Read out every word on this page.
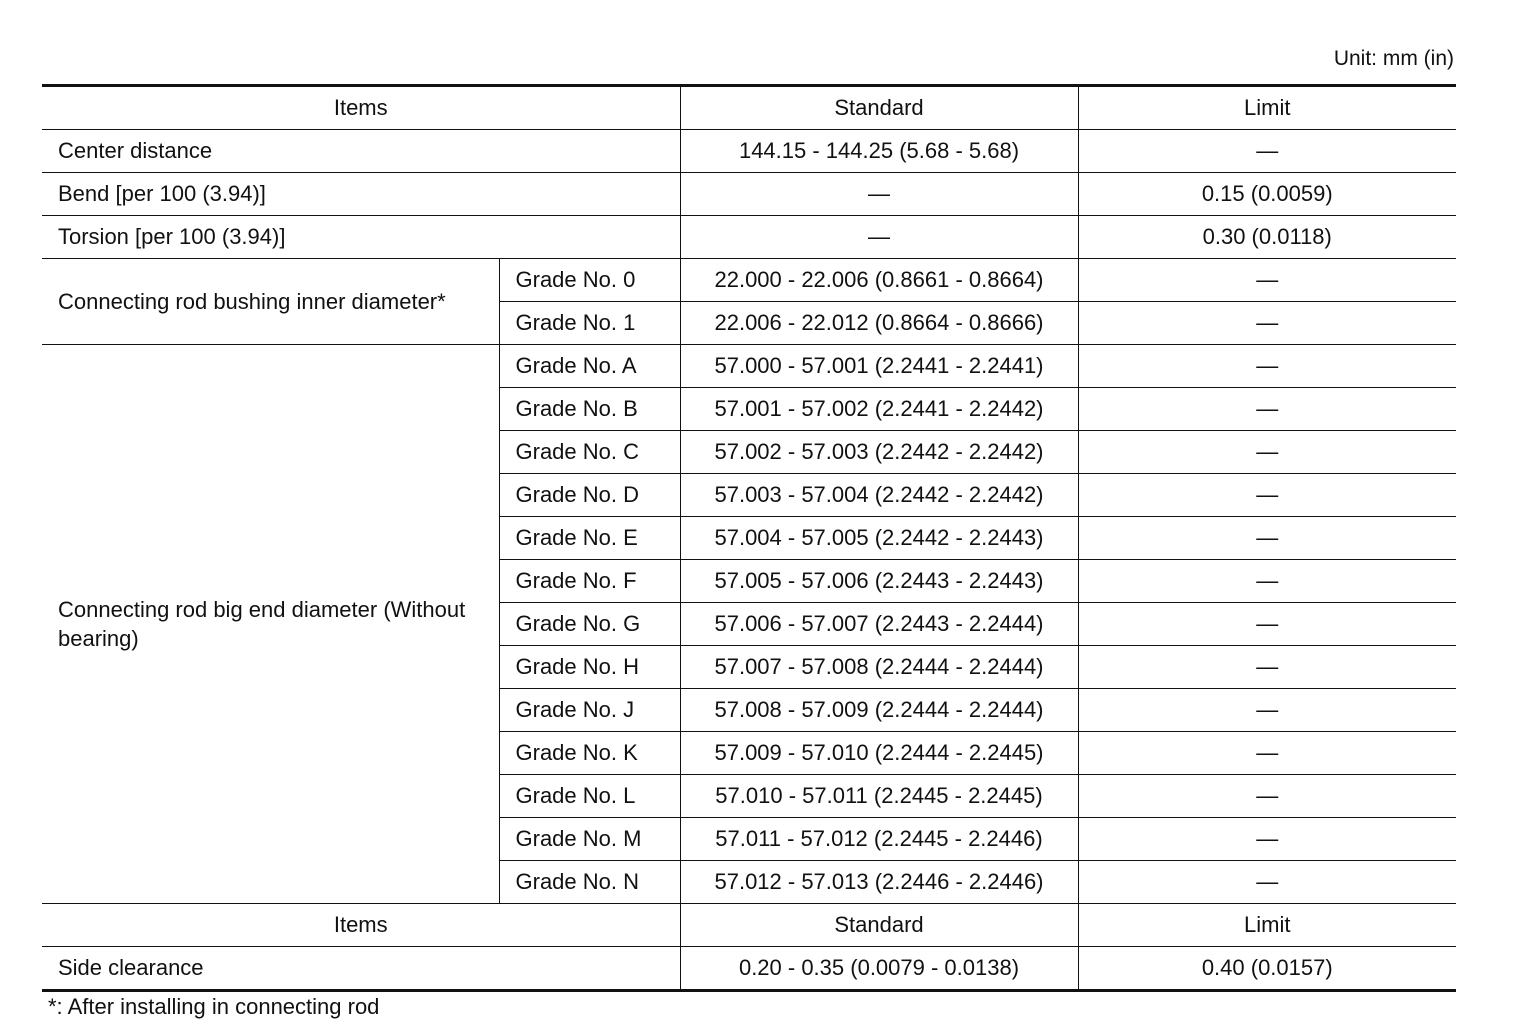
Unit: mm (in)
Items		Standard	Limit
Center distance		144.15 - 144.25 (5.68 - 5.68)	—
Bend [per 100 (3.94)]		—	0.15 (0.0059)
Torsion [per 100 (3.94)]		—	0.30 (0.0118)
Connecting rod bushing inner diameter*	Grade No. 0	22.000 - 22.006 (0.8661 - 0.8664)	—
	Grade No. 1	22.006 - 22.012 (0.8664 - 0.8666)	—
Connecting rod big end diameter (Without bearing)	Grade No. A	57.000 - 57.001 (2.2441 - 2.2441)	—
	Grade No. B	57.001 - 57.002 (2.2441 - 2.2442)	—
	Grade No. C	57.002 - 57.003 (2.2442 - 2.2442)	—
	Grade No. D	57.003 - 57.004 (2.2442 - 2.2442)	—
	Grade No. E	57.004 - 57.005 (2.2442 - 2.2443)	—
	Grade No. F	57.005 - 57.006 (2.2443 - 2.2443)	—
	Grade No. G	57.006 - 57.007 (2.2443 - 2.2444)	—
	Grade No. H	57.007 - 57.008 (2.2444 - 2.2444)	—
	Grade No. J	57.008 - 57.009 (2.2444 - 2.2444)	—
	Grade No. K	57.009 - 57.010 (2.2444 - 2.2445)	—
	Grade No. L	57.010 - 57.011 (2.2445 - 2.2445)	—
	Grade No. M	57.011 - 57.012 (2.2445 - 2.2446)	—
	Grade No. N	57.012 - 57.013 (2.2446 - 2.2446)	—
Items		Standard	Limit
Side clearance		0.20 - 0.35 (0.0079 - 0.0138)	0.40 (0.0157)
*: After installing in connecting rod
